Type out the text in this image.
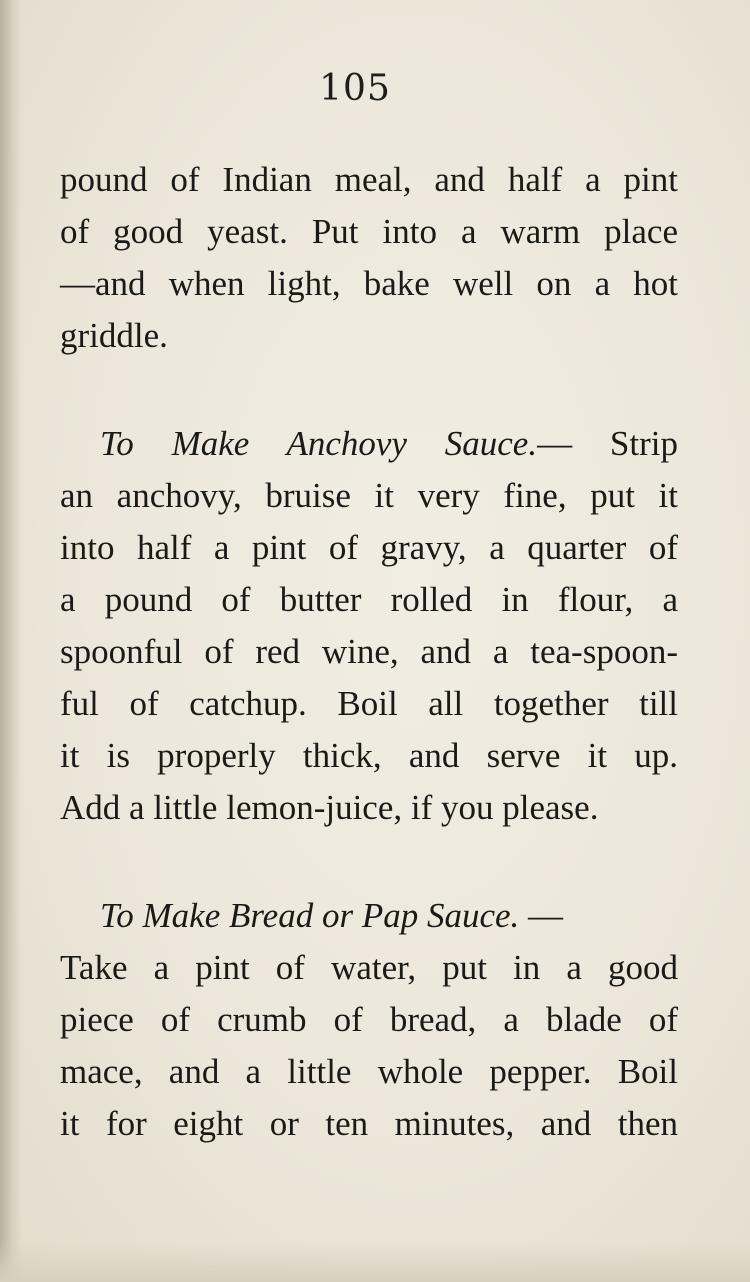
105
pound of Indian meal, and half a pint
of good yeast. Put into a warm place
—and when light, bake well on a hot
griddle.
To Make Anchovy Sauce.— Strip
an anchovy, bruise it very fine, put it
into half a pint of gravy, a quarter of
a pound of butter rolled in flour, a
spoonful of red wine, and a tea-spoon-
ful of catchup. Boil all together till
it is properly thick, and serve it up.
Add a little lemon-juice, if you please.
To Make Bread or Pap Sauce. —
Take a pint of water, put in a good
piece of crumb of bread, a blade of
mace, and a little whole pepper. Boil
it for eight or ten minutes, and then
